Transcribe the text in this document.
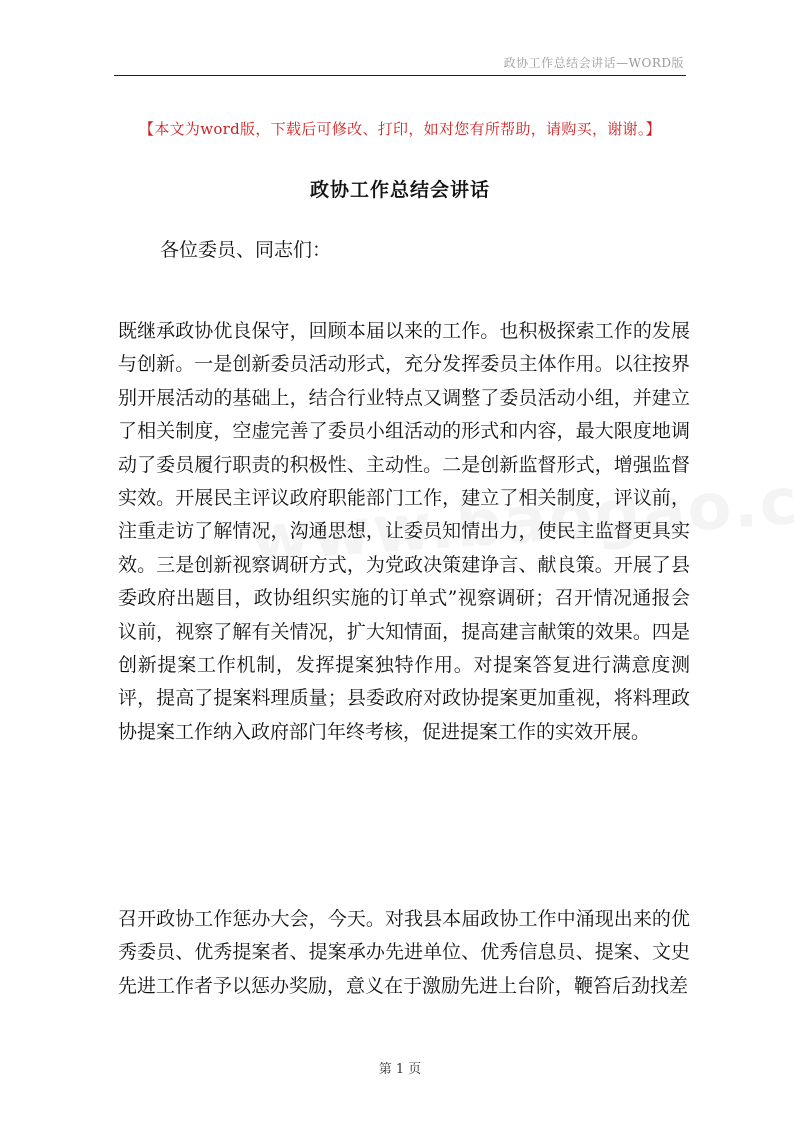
政协工作总结会讲话—WORD版
【本文为word版，下载后可修改、打印，如对您有所帮助，请购买，谢谢。】
政协工作总结会讲话

各位委员、同志们：

既继承政协优良保守，回顾本届以来的工作。也积极探索工作的发展与创新。一是创新委员活动形式，充分发挥委员主体作用。以往按界别开展活动的基础上，结合行业特点又调整了委员活动小组，并建立了相关制度，空虚完善了委员小组活动的形式和内容，最大限度地调动了委员履行职责的积极性、主动性。二是创新监督形式，增强监督实效。开展民主评议政府职能部门工作，建立了相关制度，评议前，注重走访了解情况，沟通思想，让委员知情出力，使民主监督更具实效。三是创新视察调研方式，为党政决策建诤言、献良策。开展了县委政府出题目，政协组织实施的订单式”视察调研；召开情况通报会议前，视察了解有关情况，扩大知情面，提高建言献策的效果。四是创新提案工作机制，发挥提案独特作用。对提案答复进行满意度测评，提高了提案料理质量；县委政府对政协提案更加重视，将料理政协提案工作纳入政府部门年终考核，促进提案工作的实效开展。

召开政协工作惩办大会，今天。对我县本届政协工作中涌现出来的优秀委员、优秀提案者、提案承办先进单位、优秀信息员、提案、文史先进工作者予以惩办奖励，意义在于激励先进上台阶，鞭笞后劲找差

第 1 页
